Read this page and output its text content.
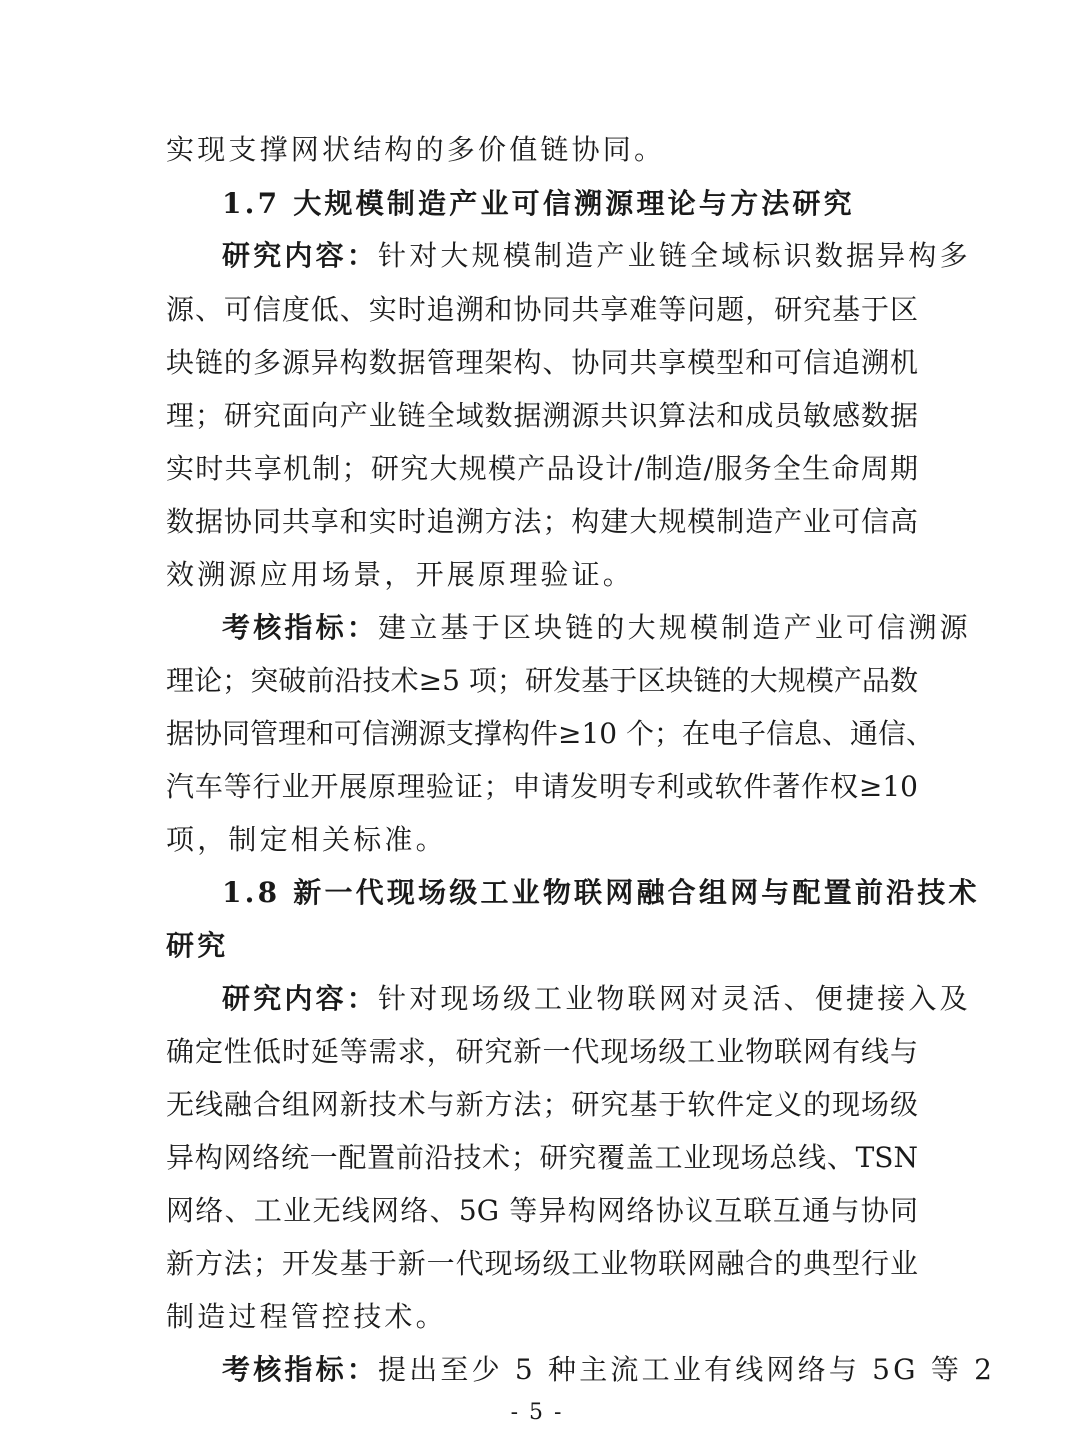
实现支撑网状结构的多价值链协同。
1.7 大规模制造产业可信溯源理论与方法研究
研究内容：针对大规模制造产业链全域标识数据异构多
源、可信度低、实时追溯和协同共享难等问题，研究基于区
块链的多源异构数据管理架构、协同共享模型和可信追溯机
理；研究面向产业链全域数据溯源共识算法和成员敏感数据
实时共享机制；研究大规模产品设计/制造/服务全生命周期
数据协同共享和实时追溯方法；构建大规模制造产业可信高
效溯源应用场景，开展原理验证。
考核指标：建立基于区块链的大规模制造产业可信溯源
理论；突破前沿技术≥5 项；研发基于区块链的大规模产品数
据协同管理和可信溯源支撑构件≥10 个；在电子信息、通信、
汽车等行业开展原理验证；申请发明专利或软件著作权≥10
项，制定相关标准。
1.8 新一代现场级工业物联网融合组网与配置前沿技术
研究
研究内容：针对现场级工业物联网对灵活、便捷接入及
确定性低时延等需求，研究新一代现场级工业物联网有线与
无线融合组网新技术与新方法；研究基于软件定义的现场级
异构网络统一配置前沿技术；研究覆盖工业现场总线、TSN
网络、工业无线网络、5G 等异构网络协议互联互通与协同
新方法；开发基于新一代现场级工业物联网融合的典型行业
制造过程管控技术。
考核指标：提出至少 5 种主流工业有线网络与 5G 等 2
- 5 -
